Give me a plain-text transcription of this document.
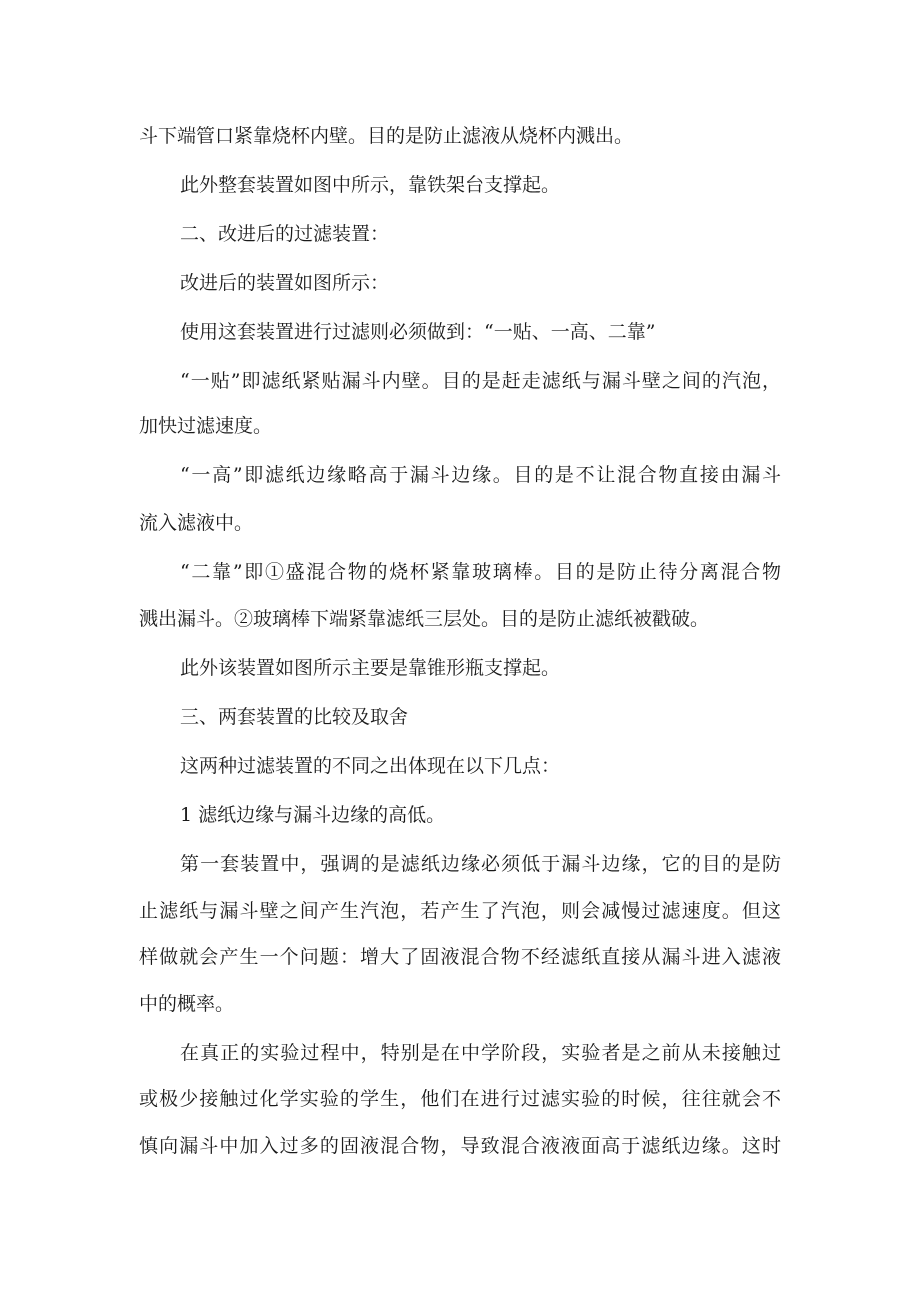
斗下端管口紧靠烧杯内壁。目的是防止滤液从烧杯内溅出。
此外整套装置如图中所示，靠铁架台支撑起。
二、改进后的过滤装置：
改进后的装置如图所示：
使用这套装置进行过滤则必须做到：“一贴、一高、二靠”
“一贴”即滤纸紧贴漏斗内壁。目的是赶走滤纸与漏斗壁之间的汽泡，
加快过滤速度。
“一高”即滤纸边缘略高于漏斗边缘。目的是不让混合物直接由漏斗
流入滤液中。
“二靠”即①盛混合物的烧杯紧靠玻璃棒。目的是防止待分离混合物
溅出漏斗。②玻璃棒下端紧靠滤纸三层处。目的是防止滤纸被戳破。
此外该装置如图所示主要是靠锥形瓶支撑起。
三、两套装置的比较及取舍
这两种过滤装置的不同之出体现在以下几点：
1 滤纸边缘与漏斗边缘的高低。
第一套装置中，强调的是滤纸边缘必须低于漏斗边缘，它的目的是防
止滤纸与漏斗壁之间产生汽泡，若产生了汽泡，则会减慢过滤速度。但这
样做就会产生一个问题：增大了固液混合物不经滤纸直接从漏斗进入滤液
中的概率。
在真正的实验过程中，特别是在中学阶段，实验者是之前从未接触过
或极少接触过化学实验的学生，他们在进行过滤实验的时候，往往就会不
慎向漏斗中加入过多的固液混合物，导致混合液液面高于滤纸边缘。这时
